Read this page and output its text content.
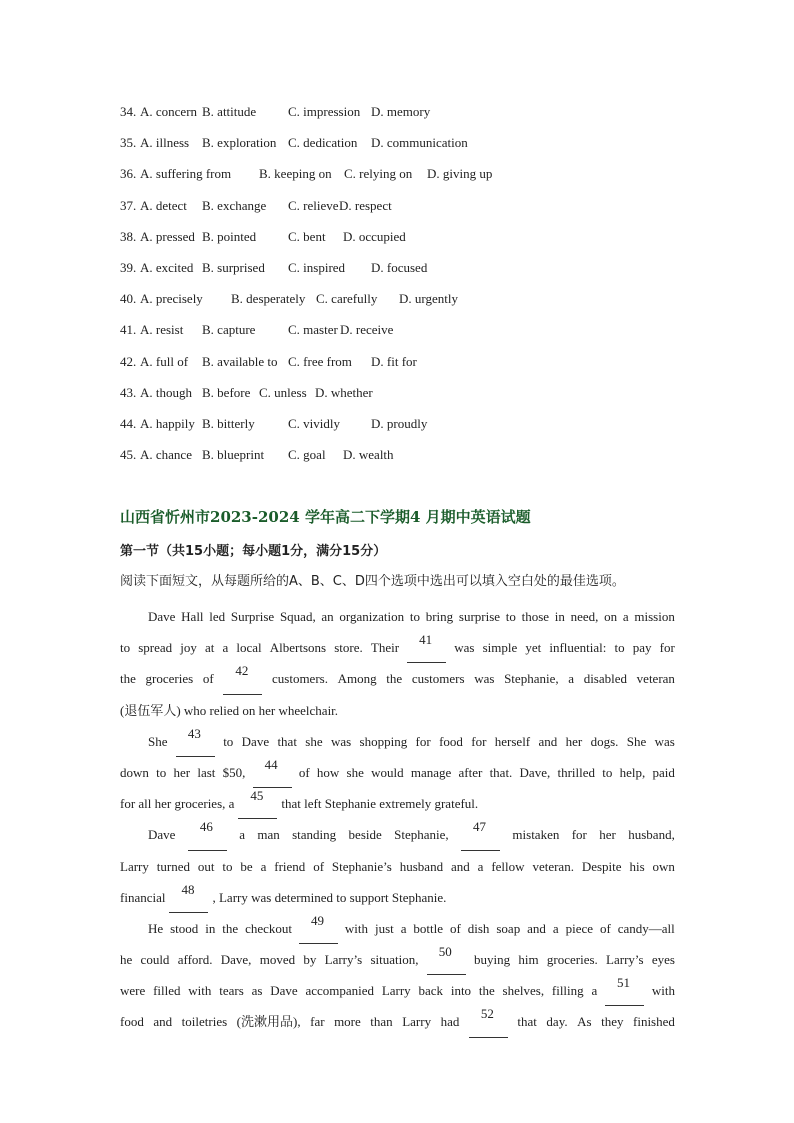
34. A. concern B. attitude C. impression D. memory
35. A. illness B. exploration C. dedication D. communication
36. A. suffering from B. keeping on C. relying on D. giving up
37. A. detect B. exchange C. relieve D. respect
38. A. pressed B. pointed C. bent D. occupied
39. A. excited B. surprised C. inspired D. focused
40. A. precisely B. desperately C. carefully D. urgently
41. A. resist B. capture	C. master D. receive
42. A. full of B. available to C. free from D. fit for
43. A. though B. before C. unless D. whether
44. A. happily B. bitterly	C. vividly D. proudly
45. A. chance B. blueprint C. goal D. wealth
山西省忻州市2023-2024 学年高二下学期4 月期中英语试题
第一节（共15小题；每小题1分，满分15分）
阅读下面短文，从每题所给的A、B、C、D四个选项中选出可以填入空白处的最佳选项。
Dave Hall led Surprise Squad, an organization to bring surprise to those in need, on a mission
to spread joy at a local Albertsons store. Their
41
was simple yet influential: to pay for
the groceries of
42
customers. Among the customers was Stephanie, a disabled veteran
(退伍军人) who relied on her wheelchair.
She
43
to Dave that she was shopping for food for herself and her dogs. She was
down to her last $50,
44
of how she would manage after that. Dave, thrilled to help, paid
for all her groceries, a
45
that left Stephanie extremely grateful.
Dave
46
a man standing beside Stephanie,
47
mistaken for her husband,
Larry turned out to be a friend of Stephanie’s husband and a fellow veteran. Despite his own
financial
48
, Larry was determined to support Stephanie.
He stood in the checkout
49
with just a bottle of dish soap and a piece of candy—all
he could afford. Dave, moved by Larry’s situation,
50
buying him groceries. Larry’s eyes
were filled with tears as Dave accompanied Larry back into the shelves, filling a
51
with
food and toiletries (洗漱用品), far more than Larry had
52
that day. As they finished
